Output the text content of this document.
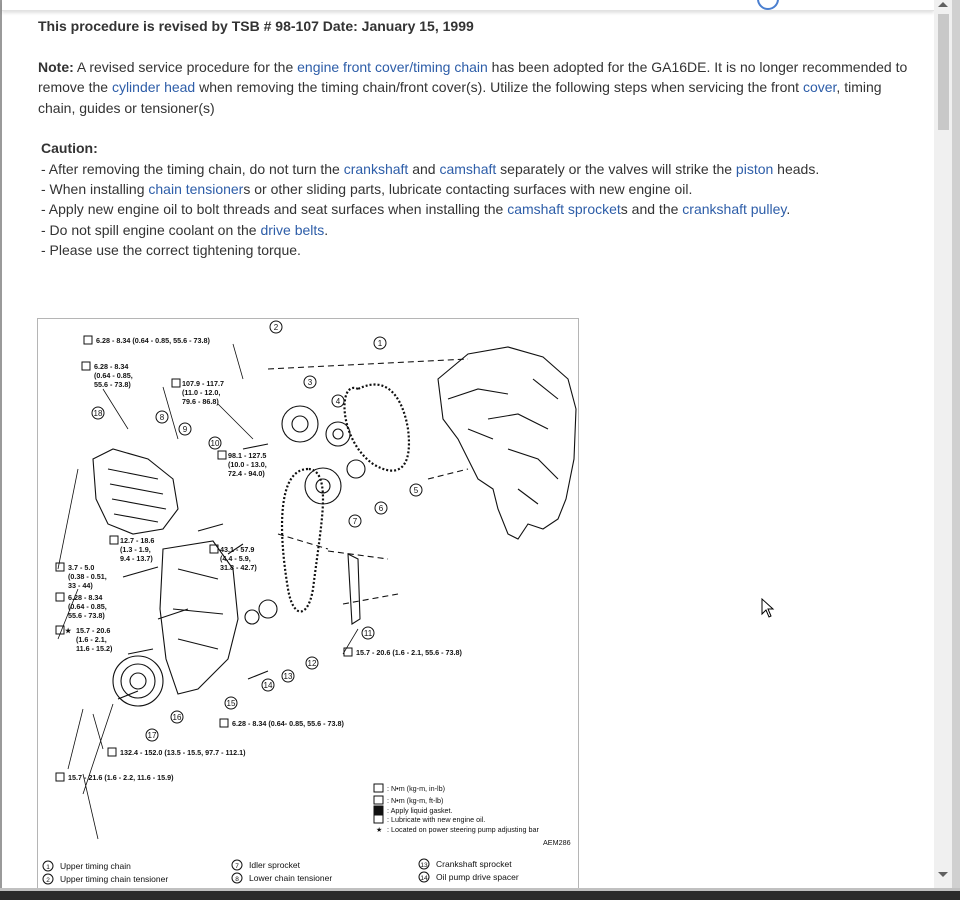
This procedure is revised by TSB # 98-107 Date: January 15, 1999

Note: A revised service procedure for the engine front cover/timing chain has been adopted for the GA16DE. It is no longer recommended to remove the cylinder head when removing the timing chain/front cover(s). Utilize the following steps when servicing the front cover, timing chain, guides or tensioner(s)

Caution:
- After removing the timing chain, do not turn the crankshaft and camshaft separately or the valves will strike the piston heads.
- When installing chain tensioners or other sliding parts, lubricate contacting surfaces with new engine oil.
- Apply new engine oil to bolt threads and seat surfaces when installing the camshaft sprockets and the crankshaft pulley.
- Do not spill engine coolant on the drive belts.
- Please use the correct tightening torque.
1
2
3
4
5
6
7
8
9
10
11
12
13
14
15
16
17
18
6.28 - 8.34 (0.64 - 0.85, 55.6 - 73.8)
6.28 - 8.34
(0.64 - 0.85,
55.6 - 73.8)	107.9 - 117.7
(11.0 - 12.0,
79.6 - 86.8)
98.1 - 127.5
(10.0 - 13.0,
72.4 - 94.0)
12.7 - 18.6
(1.3 - 1.9,
9.4 - 13.7)
43.1 - 57.9
(4.4 - 5.9,
31.8 - 42.7)
3.7 - 5.0
(0.38 - 0.51,
33 - 44)
6.28 - 8.34
(0.64 - 0.85,
55.6 - 73.8)
★ 15.7 - 20.6
(1.6 - 2.1,
11.6 - 15.2)	15.7 - 20.6 (1.6 - 2.1, 55.6 - 73.8)
6.28 - 8.34 (0.64- 0.85, 55.6 - 73.8)
132.4 - 152.0 (13.5 - 15.5, 97.7 - 112.1)
15.7 - 21.6 (1.6 - 2.2, 11.6 - 15.9)
: N•m (kg-m, in-lb)
: N•m (kg-m, ft-lb)
: Apply liquid gasket.
: Lubricate with new engine oil.
★ : Located on power steering pump adjusting bar
AEM286
1 Upper timing chain
2 Upper timing chain tensioner
7 Idler sprocket
8 Lower chain tensioner
13 Crankshaft sprocket
14 Oil pump drive spacer
